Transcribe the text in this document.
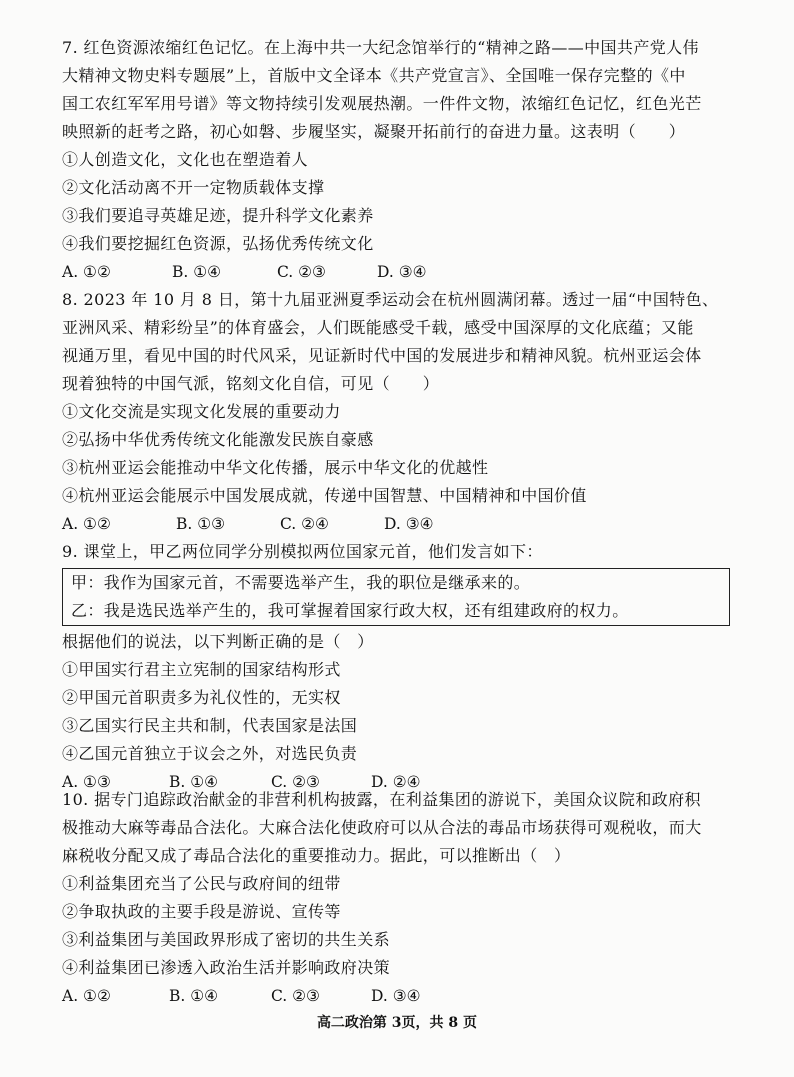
7. 红色资源浓缩红色记忆。在上海中共一大纪念馆举行的“精神之路——中国共产党人伟
大精神文物史料专题展”上，首版中文全译本《共产党宣言》、全国唯一保存完整的《中
国工农红军军用号谱》等文物持续引发观展热潮。一件件文物，浓缩红色记忆，红色光芒
映照新的赶考之路，初心如磐、步履坚实，凝聚开拓前行的奋进力量。这表明（　　）
①人创造文化，文化也在塑造着人
②文化活动离不开一定物质载体支撑
③我们要追寻英雄足迹，提升科学文化素养
④我们要挖掘红色资源，弘扬优秀传统文化
A. ①②	B. ①④	C. ②③	D. ③④
8. 2023 年 10 月 8 日，第十九届亚洲夏季运动会在杭州圆满闭幕。透过一届“中国特色、
亚洲风采、精彩纷呈”的体育盛会，人们既能感受千载，感受中国深厚的文化底蕴；又能
视通万里，看见中国的时代风采，见证新时代中国的发展进步和精神风貌。杭州亚运会体
现着独特的中国气派，铭刻文化自信，可见（　　）
①文化交流是实现文化发展的重要动力
②弘扬中华优秀传统文化能激发民族自豪感
③杭州亚运会能推动中华文化传播，展示中华文化的优越性
④杭州亚运会能展示中国发展成就，传递中国智慧、中国精神和中国价值
A. ①②	B. ①③	C. ②④	D. ③④
9. 课堂上，甲乙两位同学分别模拟两位国家元首，他们发言如下：
甲：我作为国家元首，不需要选举产生，我的职位是继承来的。
乙：我是选民选举产生的，我可掌握着国家行政大权，还有组建政府的权力。
根据他们的说法，以下判断正确的是（　）
①甲国实行君主立宪制的国家结构形式
②甲国元首职责多为礼仪性的，无实权
③乙国实行民主共和制，代表国家是法国
④乙国元首独立于议会之外，对选民负责
A. ①③	B. ①④	C. ②③	D. ②④
10. 据专门追踪政治献金的非营利机构披露，在利益集团的游说下，美国众议院和政府积
极推动大麻等毒品合法化。大麻合法化使政府可以从合法的毒品市场获得可观税收，而大
麻税收分配又成了毒品合法化的重要推动力。据此，可以推断出（　）
①利益集团充当了公民与政府间的纽带
②争取执政的主要手段是游说、宣传等
③利益集团与美国政界形成了密切的共生关系
④利益集团已渗透入政治生活并影响政府决策
A. ①②	B. ①④	C. ②③	D. ③④
高二政治第 3页，共 8 页
